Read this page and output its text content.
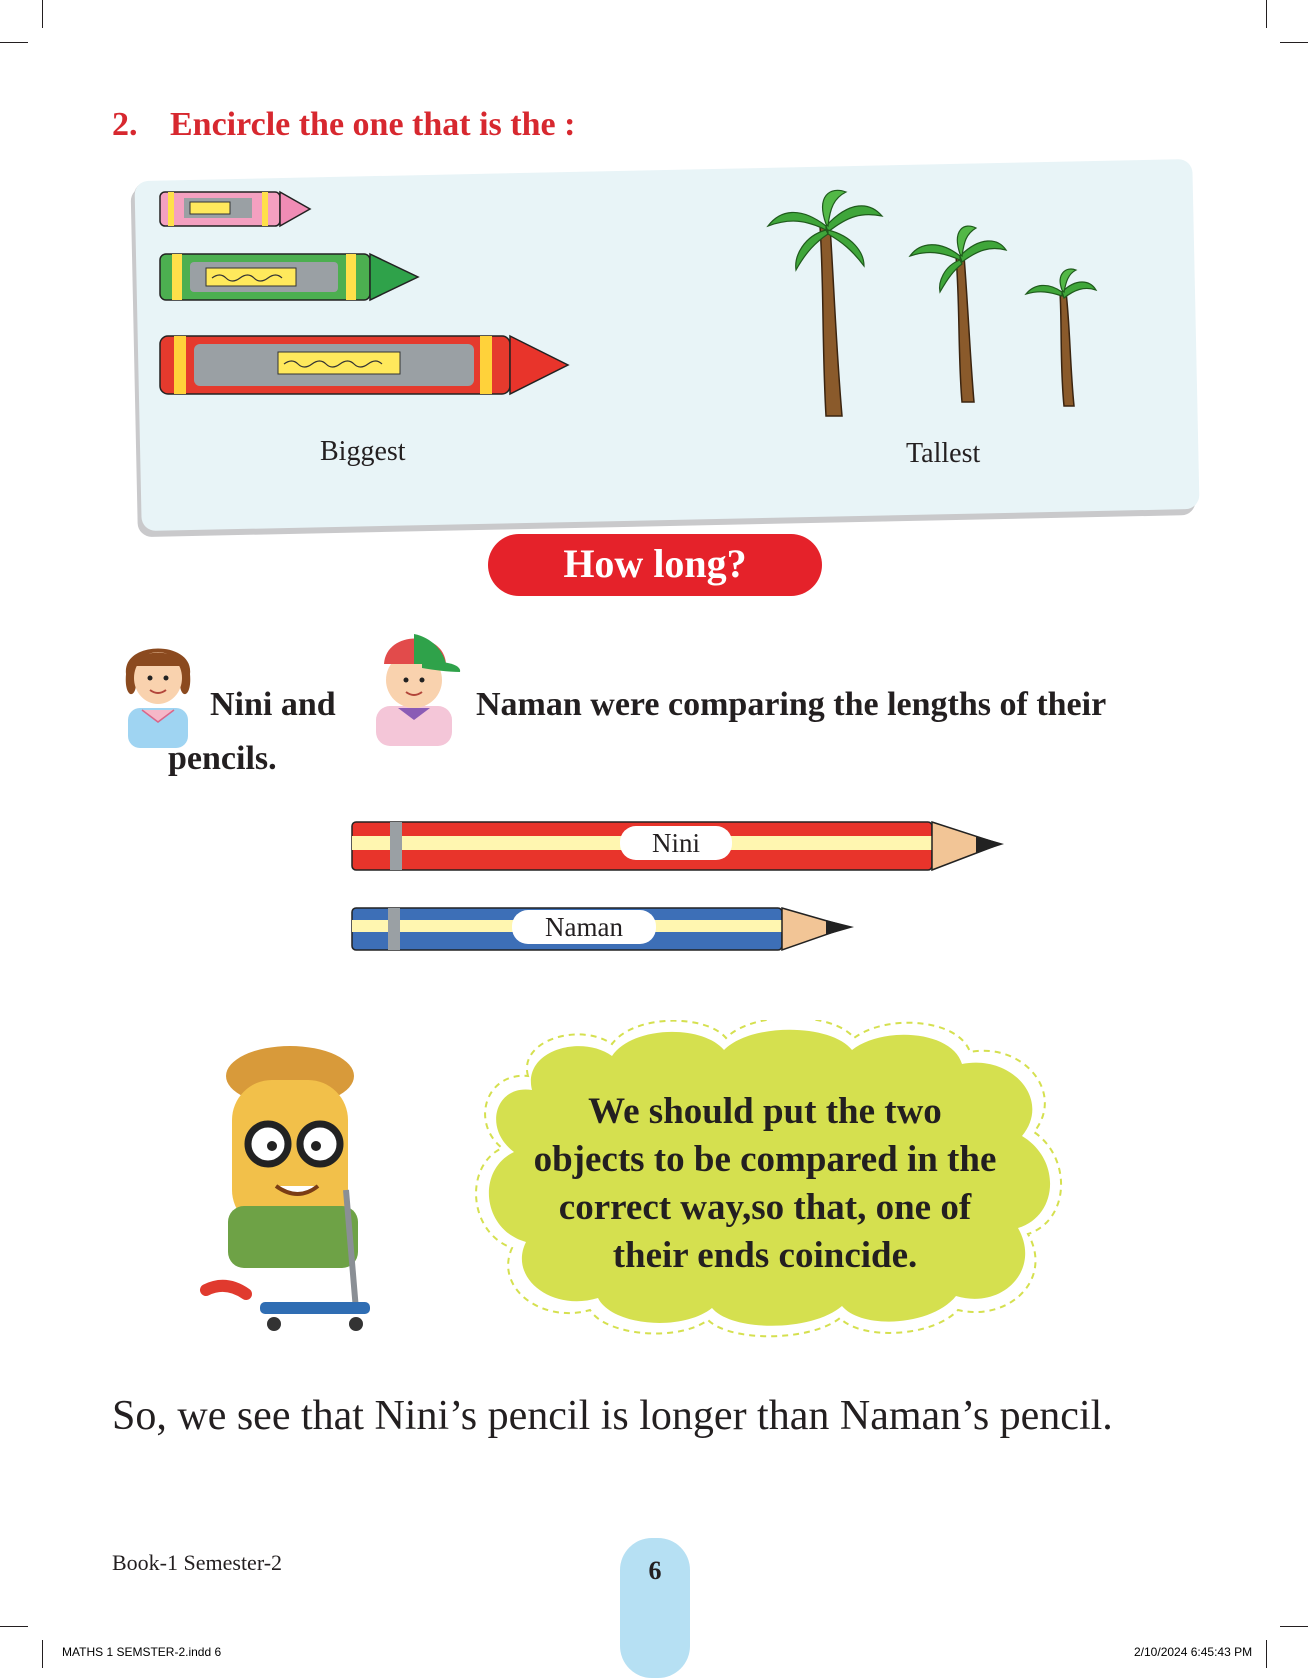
2. Encircle the one that is the :
Biggest	Tallest
How long?
Nini and	Naman were comparing the lengths of their
pencils.
Nini
Naman
We should put the two
objects to be compared in the
correct way,so that, one of
their ends coincide.
So, we see that Nini’s pencil is longer than Naman’s pencil.
Book-1 Semester-2	6
MATHS 1 SEMSTER-2.indd 6	2/10/2024 6:45:43 PM
